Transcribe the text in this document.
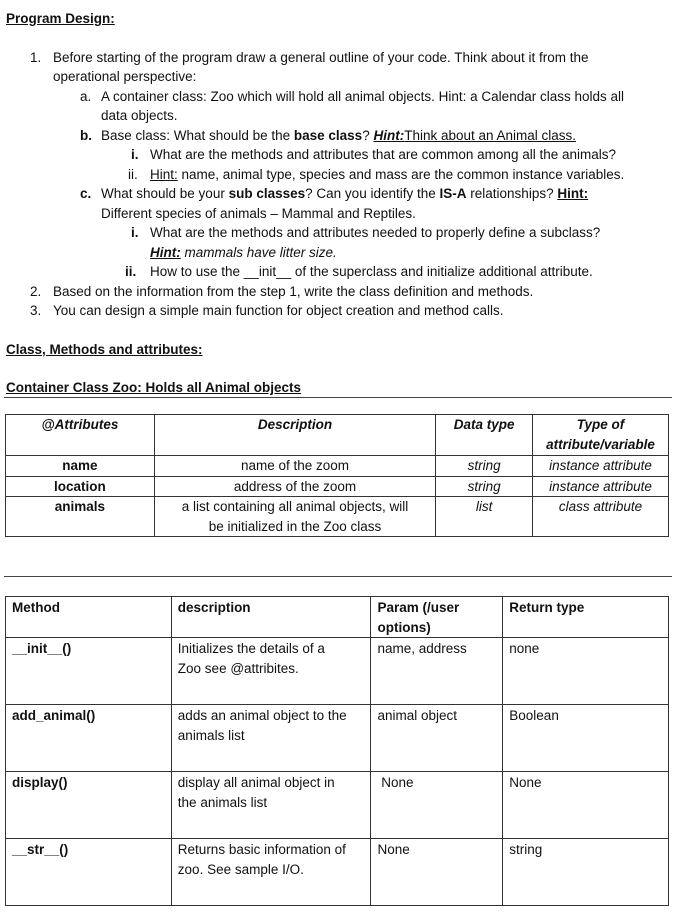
Program Design:
1. Before starting of the program draw a general outline of your code. Think about it from the
operational perspective:
a. A container class: Zoo which will hold all animal objects. Hint: a Calendar class holds all
data objects.
b. Base class: What should be the base class? Hint:Think about an Animal class.
i. What are the methods and attributes that are common among all the animals?
ii. Hint: name, animal type, species and mass are the common instance variables.
c. What should be your sub classes? Can you identify the IS-A relationships? Hint:
Different species of animals – Mammal and Reptiles.
i. What are the methods and attributes needed to properly define a subclass?
Hint: mammals have litter size.
ii. How to use the __init__ of the superclass and initialize additional attribute.
2. Based on the information from the step 1, write the class definition and methods.
3. You can design a simple main function for object creation and method calls.
Class, Methods and attributes:
Container Class Zoo: Holds all Animal objects
@Attributes	Description	Data type	Type of
attribute/variable
name	name of the zoom	string	instance attribute
location	address of the zoom	string	instance attribute
animals	a list containing all animal objects, will
be initialized in the Zoo class	list	class attribute
Method	description	Param (/user
options)	Return type
__init__()	Initializes the details of a
Zoo see @attribites.	name, address	none
add_animal()	adds an animal object to the
animals list	animal object	Boolean
display()	display all animal object in
the animals list	None	None
__str__()	Returns basic information of
zoo. See sample I/O.	None	string
